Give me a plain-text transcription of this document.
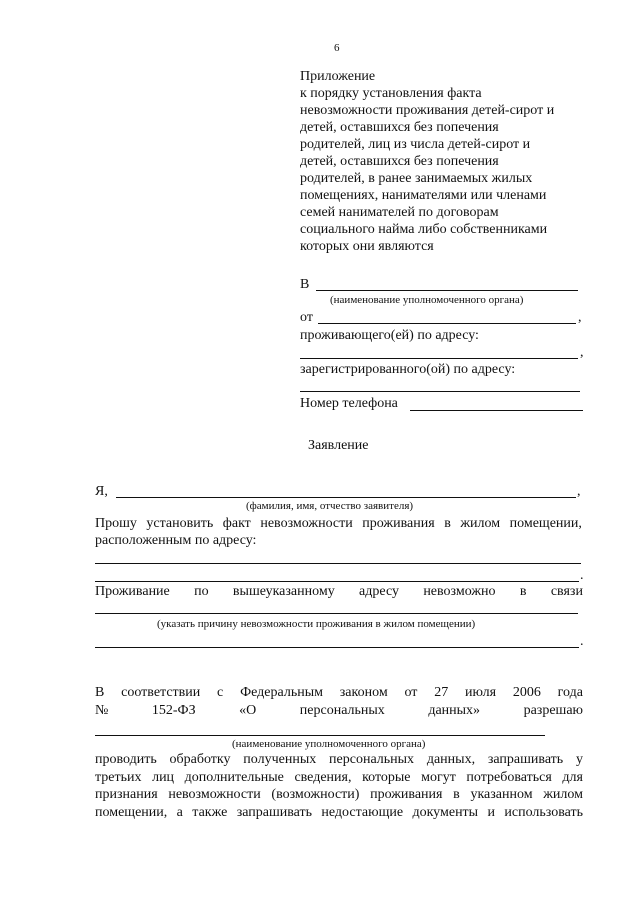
6
Приложение
к порядку установления факта
невозможности проживания детей-сирот и
детей, оставшихся без попечения
родителей, лиц из числа детей-сирот и
детей, оставшихся без попечения
родителей, в ранее занимаемых жилых
помещениях, нанимателями или членами
семей нанимателей по договорам
социального найма либо собственниками
которых они являются
В
(наименование уполномоченного органа)
от	,
проживающего(ей) по адресу:
,
зарегистрированного(ой) по адресу:
Номер телефона
Заявление
Я,	,
(фамилия, имя, отчество заявителя)
Прошу установить факт невозможности проживания в жилом помещении,
расположенным по адресу:
.
Проживание по вышеуказанному адресу невозможно в связи
(указать причину невозможности проживания в жилом помещении)
.
В соответствии с Федеральным законом от 27 июля 2006 года
№	152-ФЗ	«О	персональных	данных»	разрешаю
(наименование уполномоченного органа)
проводить обработку полученных персональных данных, запрашивать у
третьих лиц дополнительные сведения, которые могут потребоваться для
признания невозможности (возможности) проживания в указанном жилом
помещении, а также запрашивать недостающие документы и использовать
